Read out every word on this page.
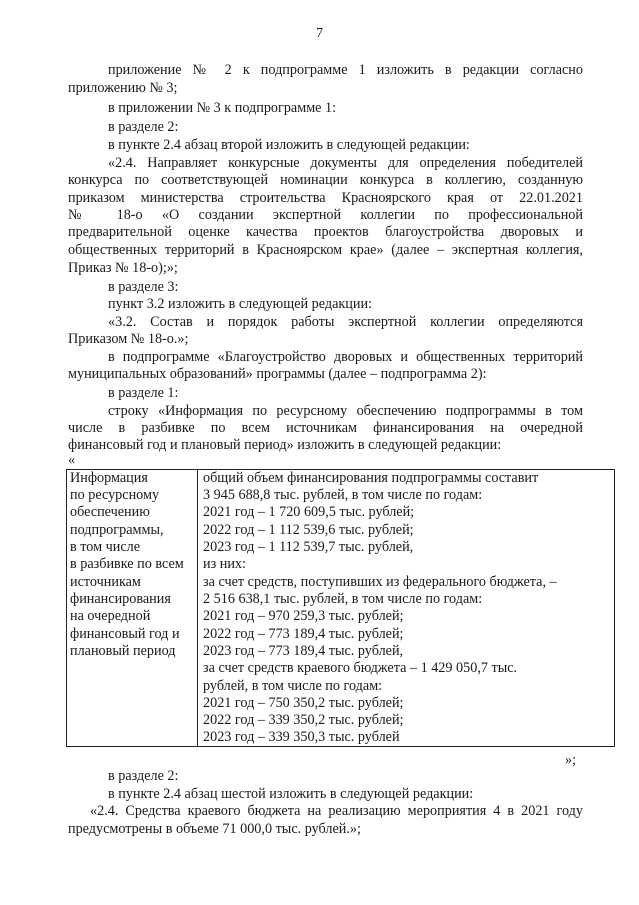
7
приложение № 2 к подпрограмме 1 изложить в редакции согласно
приложению № 3;
в приложении № 3 к подпрограмме 1:
в разделе 2:
в пункте 2.4 абзац второй изложить в следующей редакции:
«2.4. Направляет конкурсные документы для определения победителей
конкурса по соответствующей номинации конкурса в коллегию, созданную
приказом министерства строительства Красноярского края от 22.01.2021
№ 18-о «О создании экспертной коллегии по профессиональной
предварительной оценке качества проектов благоустройства дворовых и
общественных территорий в Красноярском крае» (далее – экспертная коллегия,
Приказ № 18-о);»;
в разделе 3:
пункт 3.2 изложить в следующей редакции:
«3.2. Состав и порядок работы экспертной коллегии определяются
Приказом № 18-о.»;
в подпрограмме «Благоустройство дворовых и общественных территорий
муниципальных образований» программы (далее – подпрограмма 2):
в разделе 1:
строку «Информация по ресурсному обеспечению подпрограммы в том
числе в разбивке по всем источникам финансирования на очередной
финансовый год и плановый период» изложить в следующей редакции:
«
Информация
по ресурсному
обеспечению
подпрограммы,
в том числе
в разбивке по всем
источникам
финансирования
на очередной
финансовый год и
плановый период
общий объем финансирования подпрограммы составит
3 945 688,8 тыс. рублей, в том числе по годам:
2021 год – 1 720 609,5 тыс. рублей;
2022 год – 1 112 539,6 тыс. рублей;
2023 год – 1 112 539,7 тыс. рублей,
из них:
за счет средств, поступивших из федерального бюджета, –
2 516 638,1 тыс. рублей, в том числе по годам:
2021 год – 970 259,3 тыс. рублей;
2022 год – 773 189,4 тыс. рублей;
2023 год – 773 189,4 тыс. рублей,
за счет средств краевого бюджета – 1 429 050,7 тыс.
рублей, в том числе по годам:
2021 год – 750 350,2 тыс. рублей;
2022 год – 339 350,2 тыс. рублей;
2023 год – 339 350,3 тыс. рублей
»;
в разделе 2:
в пункте 2.4 абзац шестой изложить в следующей редакции:
«2.4. Средства краевого бюджета на реализацию мероприятия 4 в 2021 году
предусмотрены в объеме 71 000,0 тыс. рублей.»;
